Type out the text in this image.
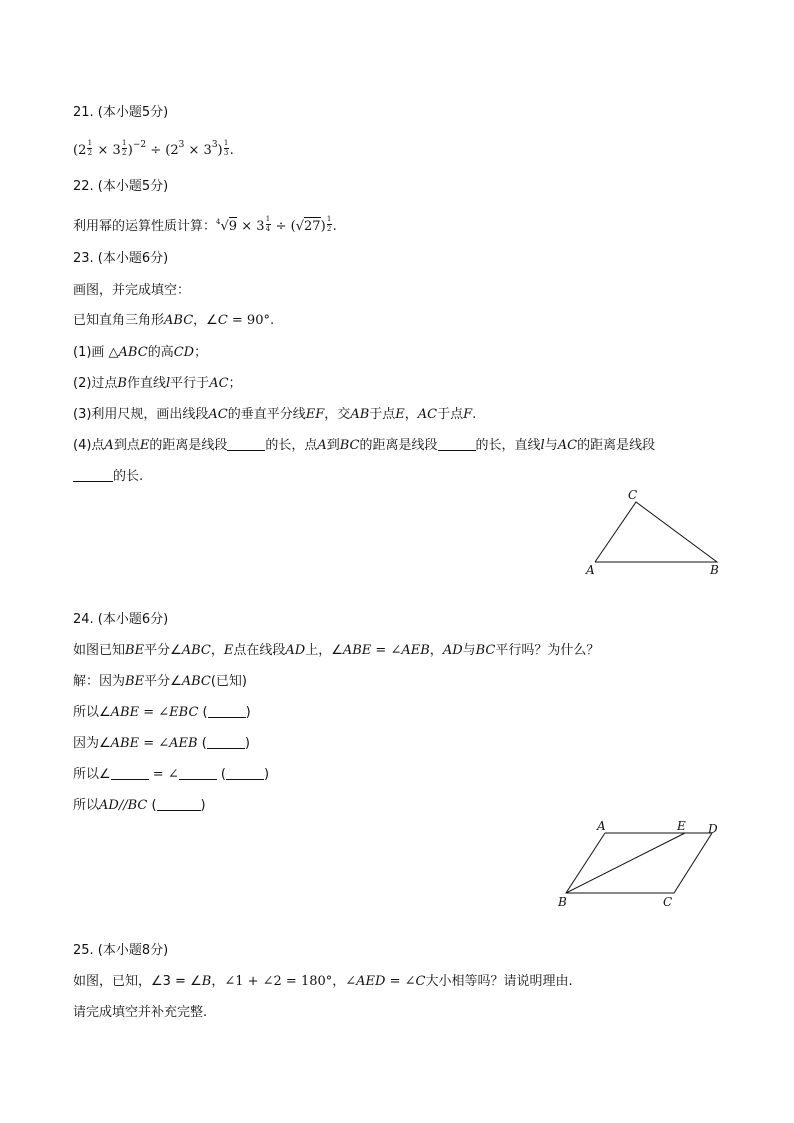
21. (本小题5分)
$(2 \frac{1}{2} \times 3 \frac{1}{2} )^{-2} \div (2^3 \times 3^3) \frac{1}{3}$ .
22. (本小题5分)
利用幂的运算性质计算：$^4√9 \times 3 \frac{1}{4} \div (√27) \frac{1}{2}$ .
23. (本小题6分)
画图，并完成填空：
已知直角三角形ABC，∠C = 90°.
(1)画 △ABC的高CD；
(2)过点B作直线l平行于AC；
(3)利用尺规，画出线段AC的垂直平分线EF，交AB于点E，AC于点F.
(4)点A到点E的距离是线段	的长，点A到BC的距离是线段	的长，直线l与AC的距离是线段
的长.
C
A	B
24. (本小题6分)
如图已知BE平分∠ABC，E点在线段AD上，∠ABE = ∠AEB，AD与BC平行吗？为什么？
解：因为BE平分∠ABC(已知)
所以∠ABE = ∠EBC (	)
因为∠ABE = ∠AEB (	)
所以∠	= ∠	(	)
所以AD//BC (	)
A	E D
B	C
25. (本小题8分)
如图，已知，∠3 = ∠B，∠1 + ∠2 = 180°，∠AED = ∠C大小相等吗？请说明理由.
请完成填空并补充完整.
